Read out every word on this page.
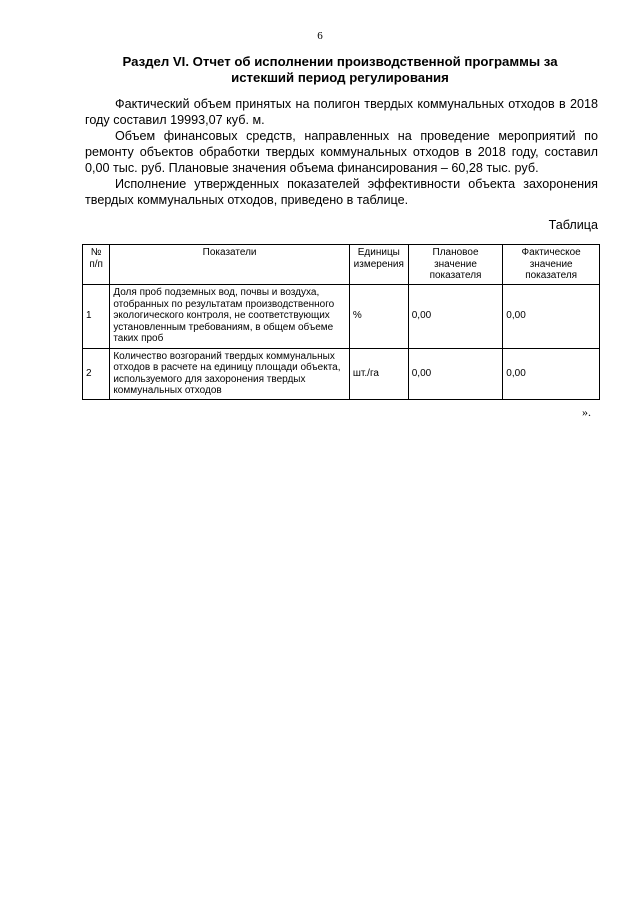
6
Раздел VI. Отчет об исполнении производственной программы за истекший период регулирования

Фактический объем принятых на полигон твердых коммунальных отходов в 2018 году составил 19993,07 куб. м.

Объем финансовых средств, направленных на проведение мероприятий по ремонту объектов обработки твердых коммунальных отходов в 2018 году, составил 0,00 тыс. руб. Плановые значения объема финансирования – 60,28 тыс. руб.

Исполнение утвержденных показателей эффективности объекта захоронения твердых коммунальных отходов, приведено в таблице.

Таблица
№ п/п	Показатели	Единицы измерения	Плановое значение показателя	Фактическое значение показателя
1	Доля проб подземных вод, почвы и воздуха, отобранных по результатам производственного экологического контроля, не соответствующих установленным требованиям, в общем объеме таких проб	%	0,00	0,00
2	Количество возгораний твердых коммунальных отходов в расчете на единицу площади объекта, используемого для захоронения твердых коммунальных отходов	шт./га	0,00	0,00
».
